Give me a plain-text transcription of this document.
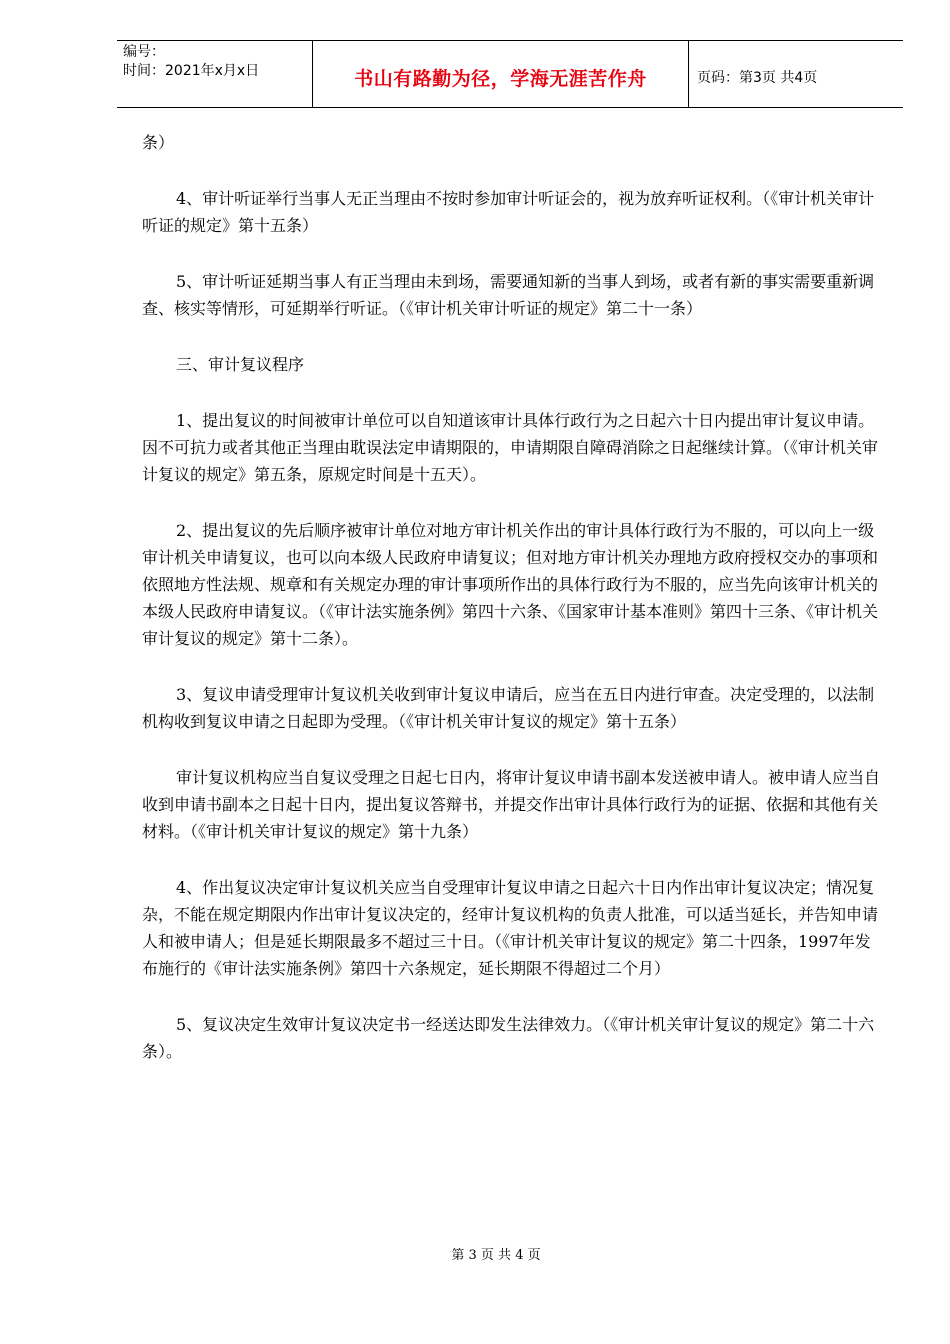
编号：
时间：2021年x月x日	书山有路勤为径，学海无涯苦作舟	页码：第3页 共4页

条）

4、审计听证举行当事人无正当理由不按时参加审计听证会的，视为放弃听证权利。（《审计机关审计听证的规定》第十五条）

5、审计听证延期当事人有正当理由未到场，需要通知新的当事人到场，或者有新的事实需要重新调查、核实等情形，可延期举行听证。（《审计机关审计听证的规定》第二十一条）

三、审计复议程序

1、提出复议的时间被审计单位可以自知道该审计具体行政行为之日起六十日内提出审计复议申请。因不可抗力或者其他正当理由耽误法定申请期限的，申请期限自障碍消除之日起继续计算。（《审计机关审计复议的规定》第五条，原规定时间是十五天）。

2、提出复议的先后顺序被审计单位对地方审计机关作出的审计具体行政行为不服的，可以向上一级审计机关申请复议，也可以向本级人民政府申请复议；但对地方审计机关办理地方政府授权交办的事项和依照地方性法规、规章和有关规定办理的审计事项所作出的具体行政行为不服的，应当先向该审计机关的本级人民政府申请复议。（《审计法实施条例》第四十六条、《国家审计基本准则》第四十三条、《审计机关审计复议的规定》第十二条）。

3、复议申请受理审计复议机关收到审计复议申请后，应当在五日内进行审查。决定受理的，以法制机构收到复议申请之日起即为受理。（《审计机关审计复议的规定》第十五条）

审计复议机构应当自复议受理之日起七日内，将审计复议申请书副本发送被申请人。被申请人应当自收到申请书副本之日起十日内，提出复议答辩书，并提交作出审计具体行政行为的证据、依据和其他有关材料。（《审计机关审计复议的规定》第十九条）

4、作出复议决定审计复议机关应当自受理审计复议申请之日起六十日内作出审计复议决定；情况复杂，不能在规定期限内作出审计复议决定的，经审计复议机构的负责人批准，可以适当延长，并告知申请人和被申请人；但是延长期限最多不超过三十日。（《审计机关审计复议的规定》第二十四条，1997年发布施行的《审计法实施条例》第四十六条规定，延长期限不得超过二个月）

5、复议决定生效审计复议决定书一经送达即发生法律效力。（《审计机关审计复议的规定》第二十六条）。

第 3 页 共 4 页
